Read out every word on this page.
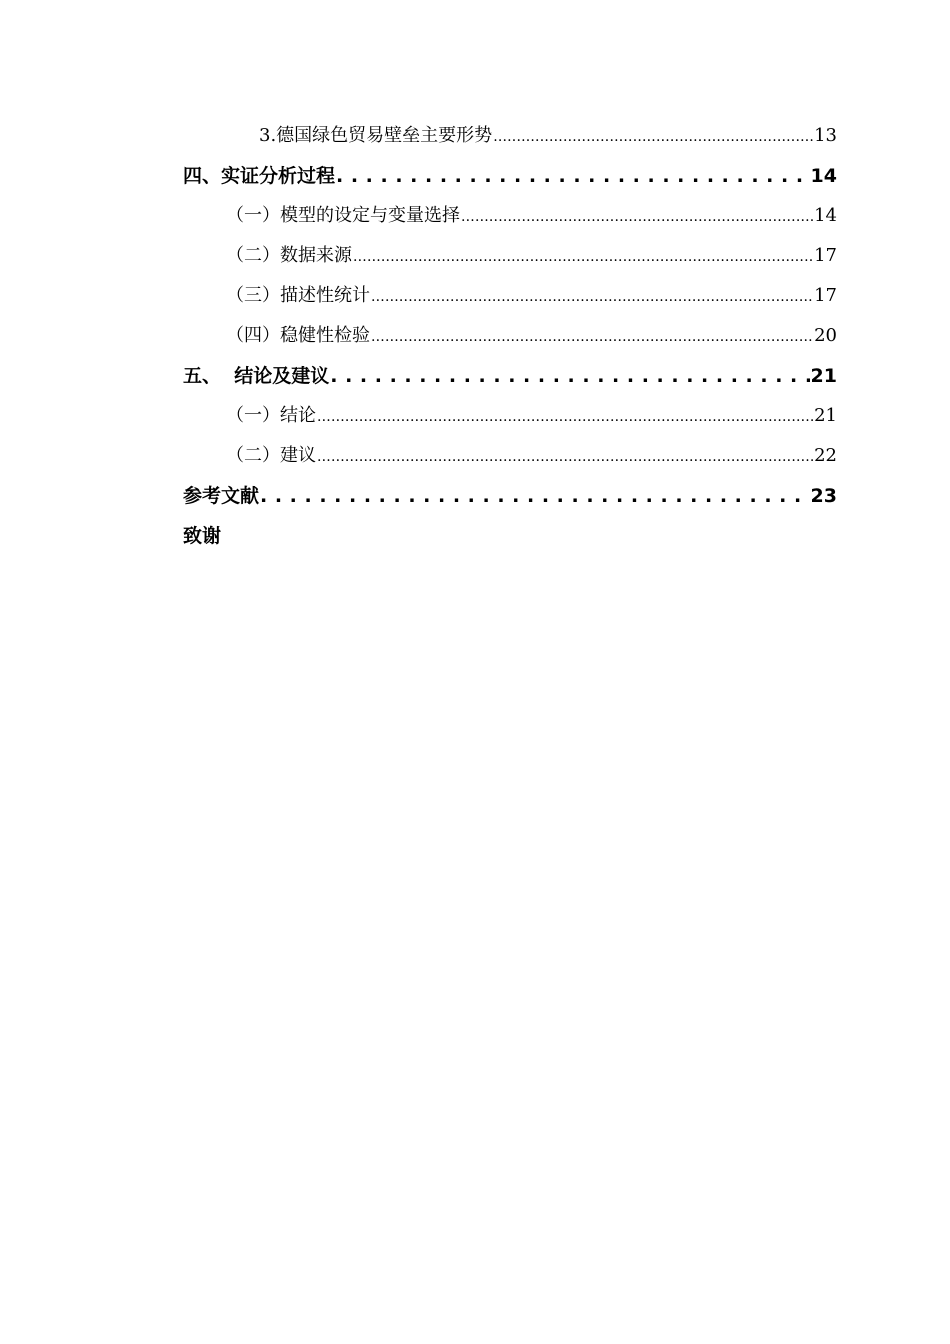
3.德国绿色贸易壁垒主要形势 .....	13
四、实证分析过程 . . .	14
（一）模型的设定与变量选择 .....	14
（二）数据来源 .....	17
（三）描述性统计 .....	17
（四）稳健性检验 .....	20
五、  结论及建议 . . .	21
（一）结论 .....	21
（二）建议 .....	22
参考文献 . . .	23
致谢
